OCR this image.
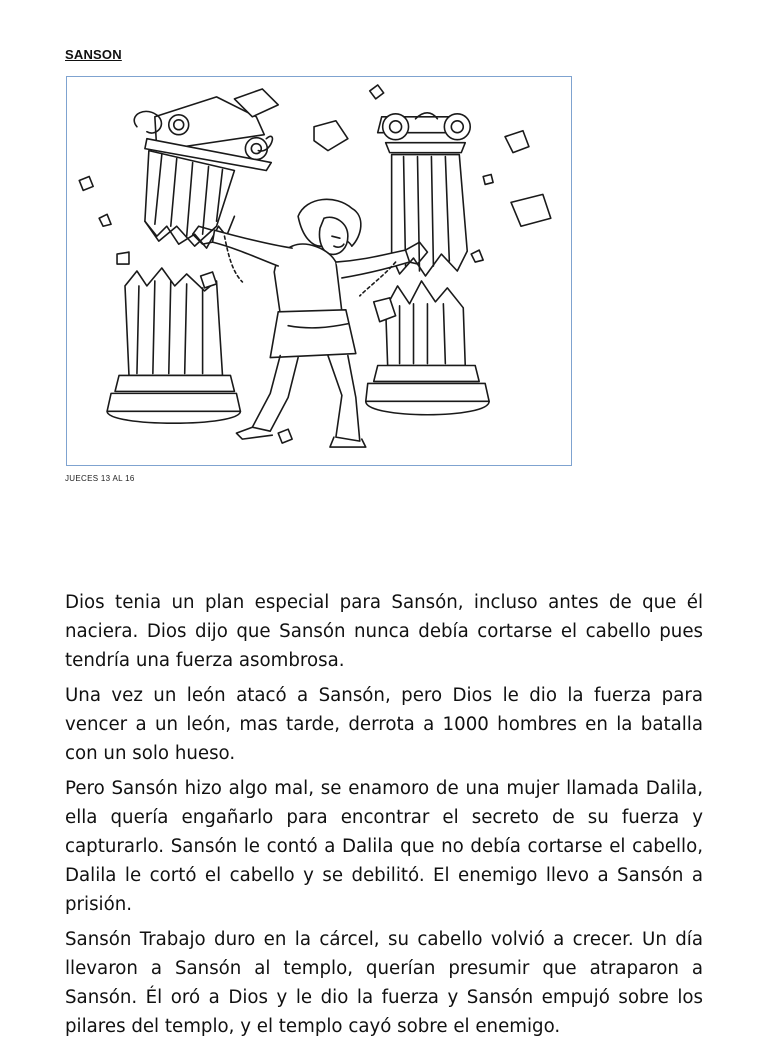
SANSON
JUECES 13 AL 16

Dios tenia un plan especial para Sansón, incluso antes de que él naciera. Dios dijo que Sansón nunca debía cortarse el cabello pues tendría una fuerza asombrosa.

Una vez un león atacó a Sansón, pero Dios le dio la fuerza para vencer a un león, mas tarde, derrota a 1000 hombres en la batalla con un solo hueso.

Pero Sansón hizo algo mal, se enamoro de una mujer llamada Dalila, ella quería engañarlo para encontrar el secreto de su fuerza y capturarlo. Sansón le contó a Dalila que no debía cortarse el cabello, Dalila le cortó el cabello y se debilitó. El enemigo llevo a Sansón a prisión.

Sansón Trabajo duro en la cárcel, su cabello volvió a crecer. Un día llevaron a Sansón al templo, querían presumir que atraparon a Sansón. Él oró a Dios y le dio la fuerza y Sansón empujó sobre los pilares del templo, y el templo cayó sobre el enemigo.
